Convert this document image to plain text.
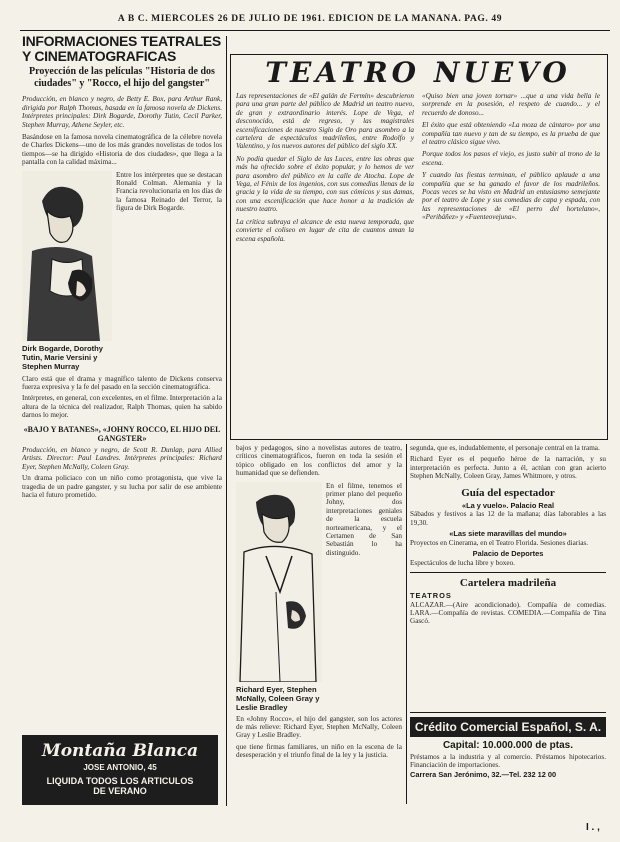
A B C. MIERCOLES 26 DE JULIO DE 1961. EDICION DE LA MAÑANA. PAG. 49
INFORMACIONES TEATRALES Y CINEMATOGRAFICAS
Proyección de las películas "Historia de dos ciudades" y "Rocco, el hijo del gangster"

Producción, en blanco y negro, de Betty E. Box, para Arthur Rank, dirigida por Ralph Thomas, basada en la famosa novela de Dickens. Intérpretes principales: Dirk Bogarde, Dorothy Tutin, Cecil Parker, Stephen Murray, Athene Seyler, etc.

Basándose en la famosa novela cinematográfica de la célebre novela de Charles Dickens—uno de los más grandes novelistas de todos los tiempos—se ha dirigido «Historia de dos ciudades», que llega a la pantalla con la calidad máxima...

Entre los intérpretes que se destacan Ronald Colman. Alemania y la Francia revolucionaria en los días de la famosa Reinado del Terror, la figura de Dirk Bogarde.

Dirk Bogarde, Dorothy Tutin, Marie Versini y Stephen Murray

Claro está que el drama y magnífico talento de Dickens conserva fuerza expresiva y la fe del pasado en la sección cinematográfica.

Intérpretes, en general, con excelentes, en el filme. Interpretación a la altura de la técnica del realizador, Ralph Thomas, quien ha sabido darnos lo mejor.

«BAJO Y BATANES», «JOHNY ROCCO, EL HIJO DEL GANGSTER»

Producción, en blanco y negro, de Scott R. Dunlap, para Allied Artists. Director: Paul Landres. Intérpretes principales: Richard Eyer, Stephen McNally, Coleen Gray.

Un drama policiaco con un niño como protagonista, que vive la tragedia de un padre gangster, y su lucha por salir de ese ambiente hacia el futuro prometido.

Montaña Blanca
JOSE ANTONIO, 45
LIQUIDA TODOS LOS ARTICULOS
DE VERANO
TEATRO NUEVO

Las representaciones de «El galán de Fermín» descubrieron para una gran parte del público de Madrid un teatro nuevo, de gran y extraordinario interés. Lope de Vega, el desconocido, está de regreso, y las magistrales escenificaciones de nuestro Siglo de Oro para asombro a la cartelera de espectáculos madrileños, entre Rodolfo y Valentino, y los nuevos autores del público del siglo XX.

No podía quedar el Siglo de las Luces, entre las obras que más ha ofrecido sobre el éxito popular, y lo hemos de ver para asombro del público en la calle de Atocha. Lope de Vega, el Fénix de los ingenios, con sus comedias llenas de la gracia y la vida de su tiempo, con sus cómicos y sus damas, con una escenificación que hace honor a la tradición de nuestro teatro.

La crítica subraya el alcance de esta nueva temporada, que convierte el coliseo en lugar de cita de cuantos aman la escena española.

«Quiso bien una joven tornar» ...que a una vida bella le sorprende en la posesión, el respeto de cuando... y el recuerdo de donoso...

El éxito que está obteniendo «La moza de cántaro» por una compañía tan nuevo y tan de su tiempo, es la prueba de que el teatro clásico sigue vivo.

Porque todos los pasos el viejo, es justo subir al trono de la escena.

Y cuando las fiestas terminan, el público aplaude a una compañía que se ha ganado el favor de los madrileños. Pocas veces se ha visto en Madrid un entusiasmo semejante por el teatro de Lope y sus comedias de capa y espada, con las representaciones de «El perro del hortelano», «Peribáñez» y «Fuenteovejuna».

bajos y pedagogos, sino a novelistas autores de teatro, críticos cinematográficos, fueron en toda la sesión el tópico obligado en los conflictos del amor y la humanidad que se defienden.

En el filme, tenemos el primer plano del pequeño Johny, dos interpretaciones geniales de la escuela norteamericana, y el Certamen de San Sebastián lo ha distinguido.

Richard Eyer, Stephen McNally, Coleen Gray y Leslie Bradley

En «Johny Rocco», el hijo del gangster, son los actores de más relieve: Richard Eyer, Stephen McNally, Coleen Gray y Leslie Bradley.

que tiene firmas familiares, un niño en la escena de la desesperación y el triunfo final de la ley y la justicia.

segunda, que es, indudablemente, el personaje central en la trama.

Richard Eyer es el pequeño héroe de la narración, y su interpretación es perfecta. Junto a él, actúan con gran acierto Stephen McNally, Coleen Gray, James Whitmore, y otros.

Guía del espectador
«La y vuelo». Palacio Real

Sábados y festivos a las 12 de la mañana; días laborables a las 19,30.

«Las siete maravillas del mundo»

Proyectos en Cinerama, en el Teatro Florida. Sesiones diarias.

Palacio de Deportes

Espectáculos de lucha libre y boxeo.

Cartelera madrileña
TEATROS

ALCAZAR.—(Aire acondicionado). Compañía de comedias. LARA.—Compañía de revistas. COMEDIA.—Compañía de Tina Gascó.

Crédito Comercial Español, S. A.
Capital: 10.000.000 de ptas.

Préstamos a la industria y al comercio. Préstamos hipotecarios. Financiación de importaciones.

Carrera San Jerónimo, 32.—Tel. 232 12 00
I . ,
